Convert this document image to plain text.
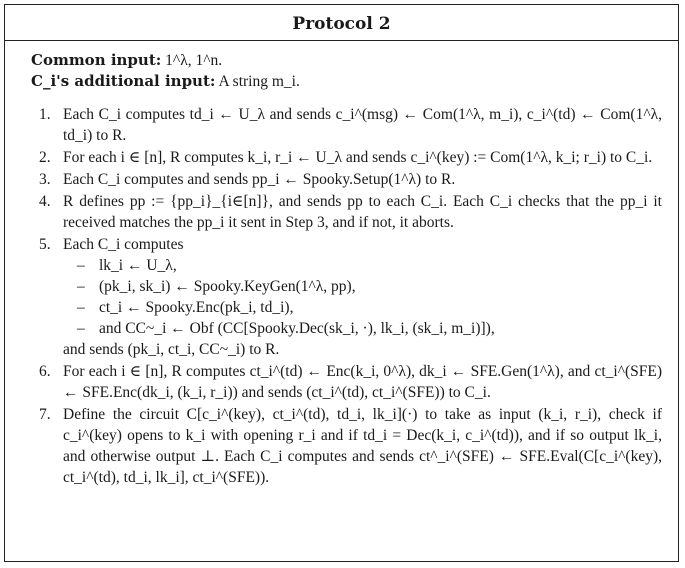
Protocol 2
Common input: 1^λ, 1^n.
C_i's additional input: A string m_i.
1. Each C_i computes td_i ← U_λ and sends c_i^(msg) ← Com(1^λ, m_i), c_i^(td) ← Com(1^λ, td_i) to R.
2. For each i ∈ [n], R computes k_i, r_i ← U_λ and sends c_i^(key) := Com(1^λ, k_i; r_i) to C_i.
3. Each C_i computes and sends pp_i ← Spooky.Setup(1^λ) to R.
4. R defines pp := {pp_i}_{i∈[n]}, and sends pp to each C_i. Each C_i checks that the pp_i it received matches the pp_i it sent in Step 3, and if not, it aborts.
5. Each C_i computes
– lk_i ← U_λ,
– (pk_i, sk_i) ← Spooky.KeyGen(1^λ, pp),
– ct_i ← Spooky.Enc(pk_i, td_i),
– and CC~_i ← Obf (CC[Spooky.Dec(sk_i, ·), lk_i, (sk_i, m_i)]),
and sends (pk_i, ct_i, CC~_i) to R.
6. For each i ∈ [n], R computes ct_i^(td) ← Enc(k_i, 0^λ), dk_i ← SFE.Gen(1^λ), and ct_i^(SFE) ← SFE.Enc(dk_i, (k_i, r_i)) and sends (ct_i^(td), ct_i^(SFE)) to C_i.
7. Define the circuit C[c_i^(key), ct_i^(td), td_i, lk_i](·) to take as input (k_i, r_i), check if c_i^(key) opens to k_i with opening r_i and if td_i = Dec(k_i, c_i^(td)), and if so output lk_i, and otherwise output ⊥. Each C_i computes and sends ct^_i^(SFE) ← SFE.Eval(C[c_i^(key), ct_i^(td), td_i, lk_i], ct_i^(SFE)).
